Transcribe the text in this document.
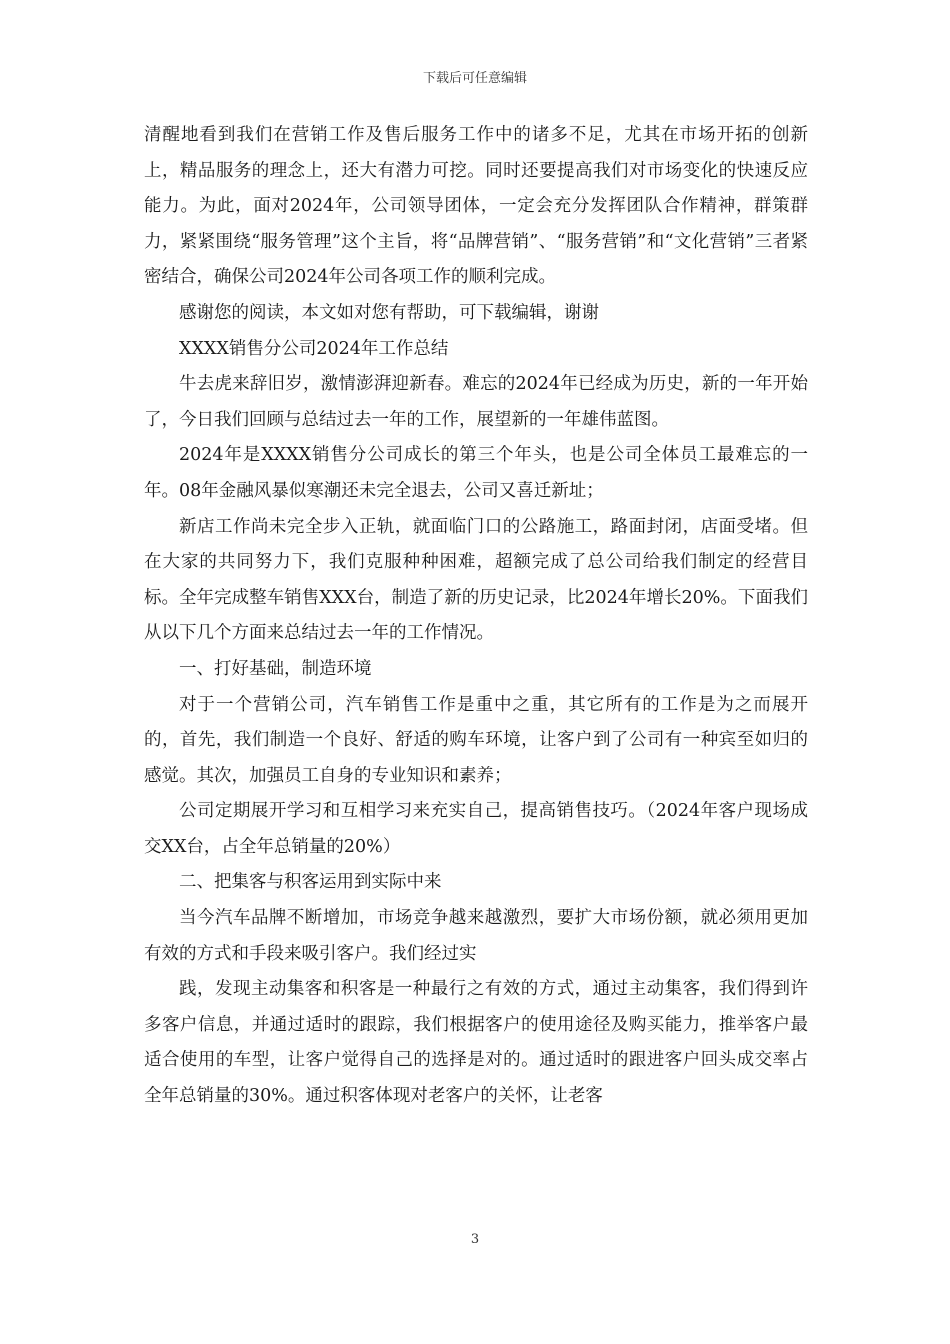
下载后可任意编辑

清醒地看到我们在营销工作及售后服务工作中的诸多不足，尤其在市场开拓的创新上，精品服务的理念上，还大有潜力可挖。同时还要提高我们对市场变化的快速反应能力。为此，面对2024年，公司领导团体，一定会充分发挥团队合作精神，群策群力，紧紧围绕“服务管理”这个主旨，将“品牌营销”、“服务营销”和“文化营销”三者紧密结合，确保公司2024年公司各项工作的顺利完成。

感谢您的阅读，本文如对您有帮助，可下载编辑，谢谢

XXXX销售分公司2024年工作总结

牛去虎来辞旧岁，激情澎湃迎新春。难忘的2024年已经成为历史，新的一年开始了，今日我们回顾与总结过去一年的工作，展望新的一年雄伟蓝图。

2024年是XXXX销售分公司成长的第三个年头，也是公司全体员工最难忘的一年。08年金融风暴似寒潮还未完全退去，公司又喜迁新址；

新店工作尚未完全步入正轨，就面临门口的公路施工，路面封闭，店面受堵。但在大家的共同努力下，我们克服种种困难，超额完成了总公司给我们制定的经营目标。全年完成整车销售XXX台，制造了新的历史记录，比2024年增长20%。下面我们从以下几个方面来总结过去一年的工作情况。

一、打好基础，制造环境

对于一个营销公司，汽车销售工作是重中之重，其它所有的工作是为之而展开的，首先，我们制造一个良好、舒适的购车环境，让客户到了公司有一种宾至如归的感觉。其次，加强员工自身的专业知识和素养；

公司定期展开学习和互相学习来充实自己，提高销售技巧。（2024年客户现场成交XX台，占全年总销量的20%）

二、把集客与积客运用到实际中来

当今汽车品牌不断增加，市场竞争越来越激烈，要扩大市场份额，就必须用更加有效的方式和手段来吸引客户。我们经过实

践，发现主动集客和积客是一种最行之有效的方式，通过主动集客，我们得到许多客户信息，并通过适时的跟踪，我们根据客户的使用途径及购买能力，推举客户最适合使用的车型，让客户觉得自己的选择是对的。通过适时的跟进客户回头成交率占全年总销量的30%。通过积客体现对老客户的关怀，让老客

3
